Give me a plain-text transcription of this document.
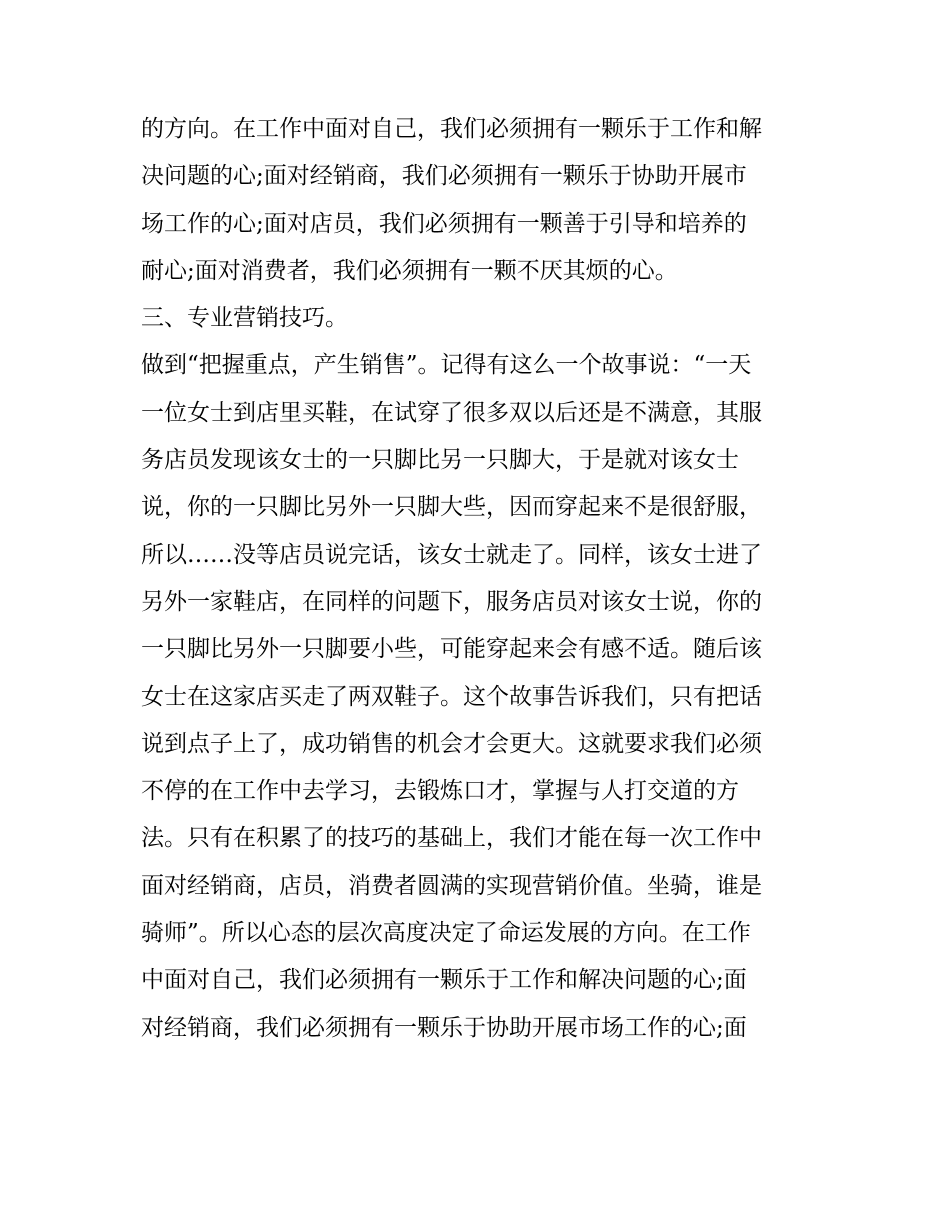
的方向。在工作中面对自己，我们必须拥有一颗乐于工作和解
决问题的心;面对经销商，我们必须拥有一颗乐于协助开展市
场工作的心;面对店员，我们必须拥有一颗善于引导和培养的
耐心;面对消费者，我们必须拥有一颗不厌其烦的心。
三、专业营销技巧。
做到“把握重点，产生销售”。记得有这么一个故事说：“一天
一位女士到店里买鞋，在试穿了很多双以后还是不满意，其服
务店员发现该女士的一只脚比另一只脚大，于是就对该女士
说，你的一只脚比另外一只脚大些，因而穿起来不是很舒服，
所以……没等店员说完话，该女士就走了。同样，该女士进了
另外一家鞋店，在同样的问题下，服务店员对该女士说，你的
一只脚比另外一只脚要小些，可能穿起来会有感不适。随后该
女士在这家店买走了两双鞋子。这个故事告诉我们，只有把话
说到点子上了，成功销售的机会才会更大。这就要求我们必须
不停的在工作中去学习，去锻炼口才，掌握与人打交道的方
法。只有在积累了的技巧的基础上，我们才能在每一次工作中
面对经销商，店员，消费者圆满的实现营销价值。坐骑，谁是
骑师”。所以心态的层次高度决定了命运发展的方向。在工作
中面对自己，我们必须拥有一颗乐于工作和解决问题的心;面
对经销商，我们必须拥有一颗乐于协助开展市场工作的心;面
